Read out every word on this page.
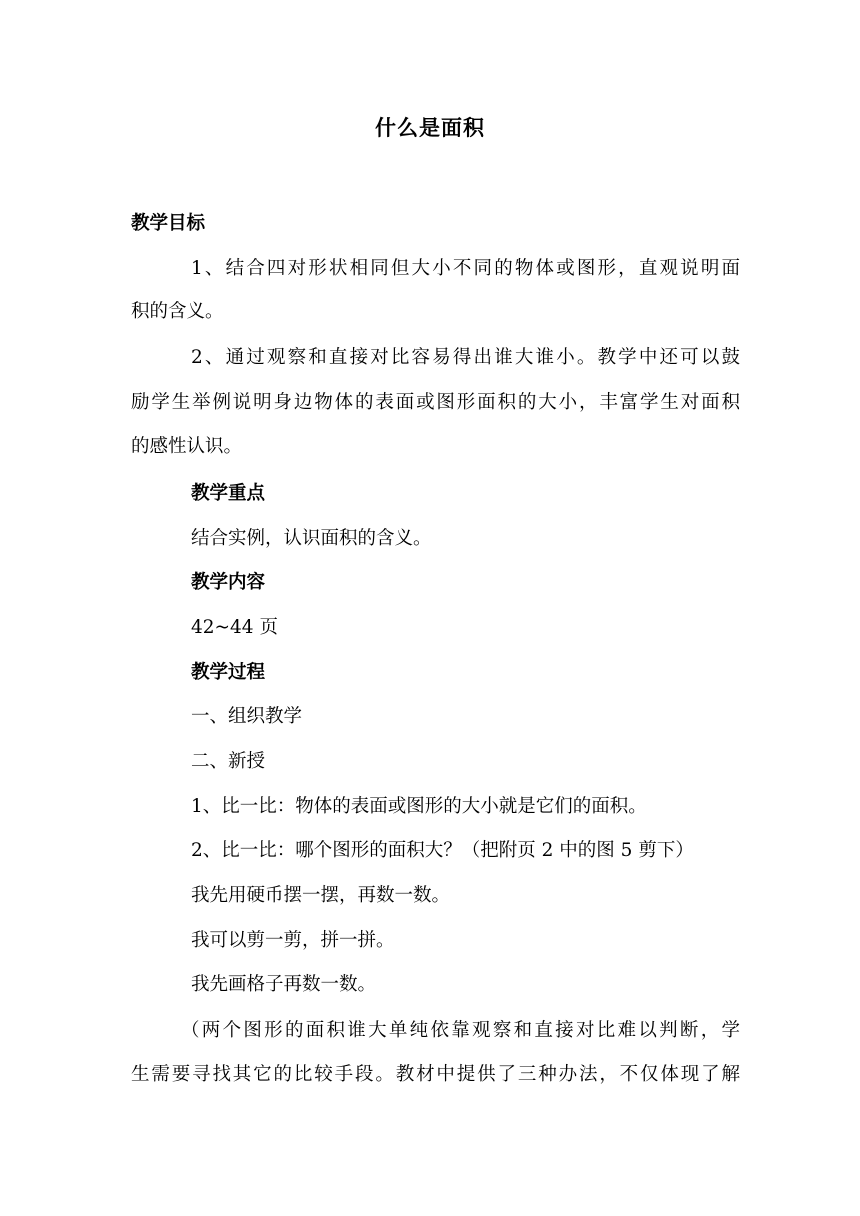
什么是面积
教学目标
1、结合四对形状相同但大小不同的物体或图形，直观说明面
积的含义。
2、通过观察和直接对比容易得出谁大谁小。教学中还可以鼓
励学生举例说明身边物体的表面或图形面积的大小，丰富学生对面积
的感性认识。
教学重点
结合实例，认识面积的含义。
教学内容
42~44 页
教学过程
一、组织教学
二、新授
1、比一比：物体的表面或图形的大小就是它们的面积。
2、比一比：哪个图形的面积大？（把附页 2 中的图 5 剪下）
我先用硬币摆一摆，再数一数。
我可以剪一剪，拼一拼。
我先画格子再数一数。
（两个图形的面积谁大单纯依靠观察和直接对比难以判断，学
生需要寻找其它的比较手段。教材中提供了三种办法，不仅体现了解
